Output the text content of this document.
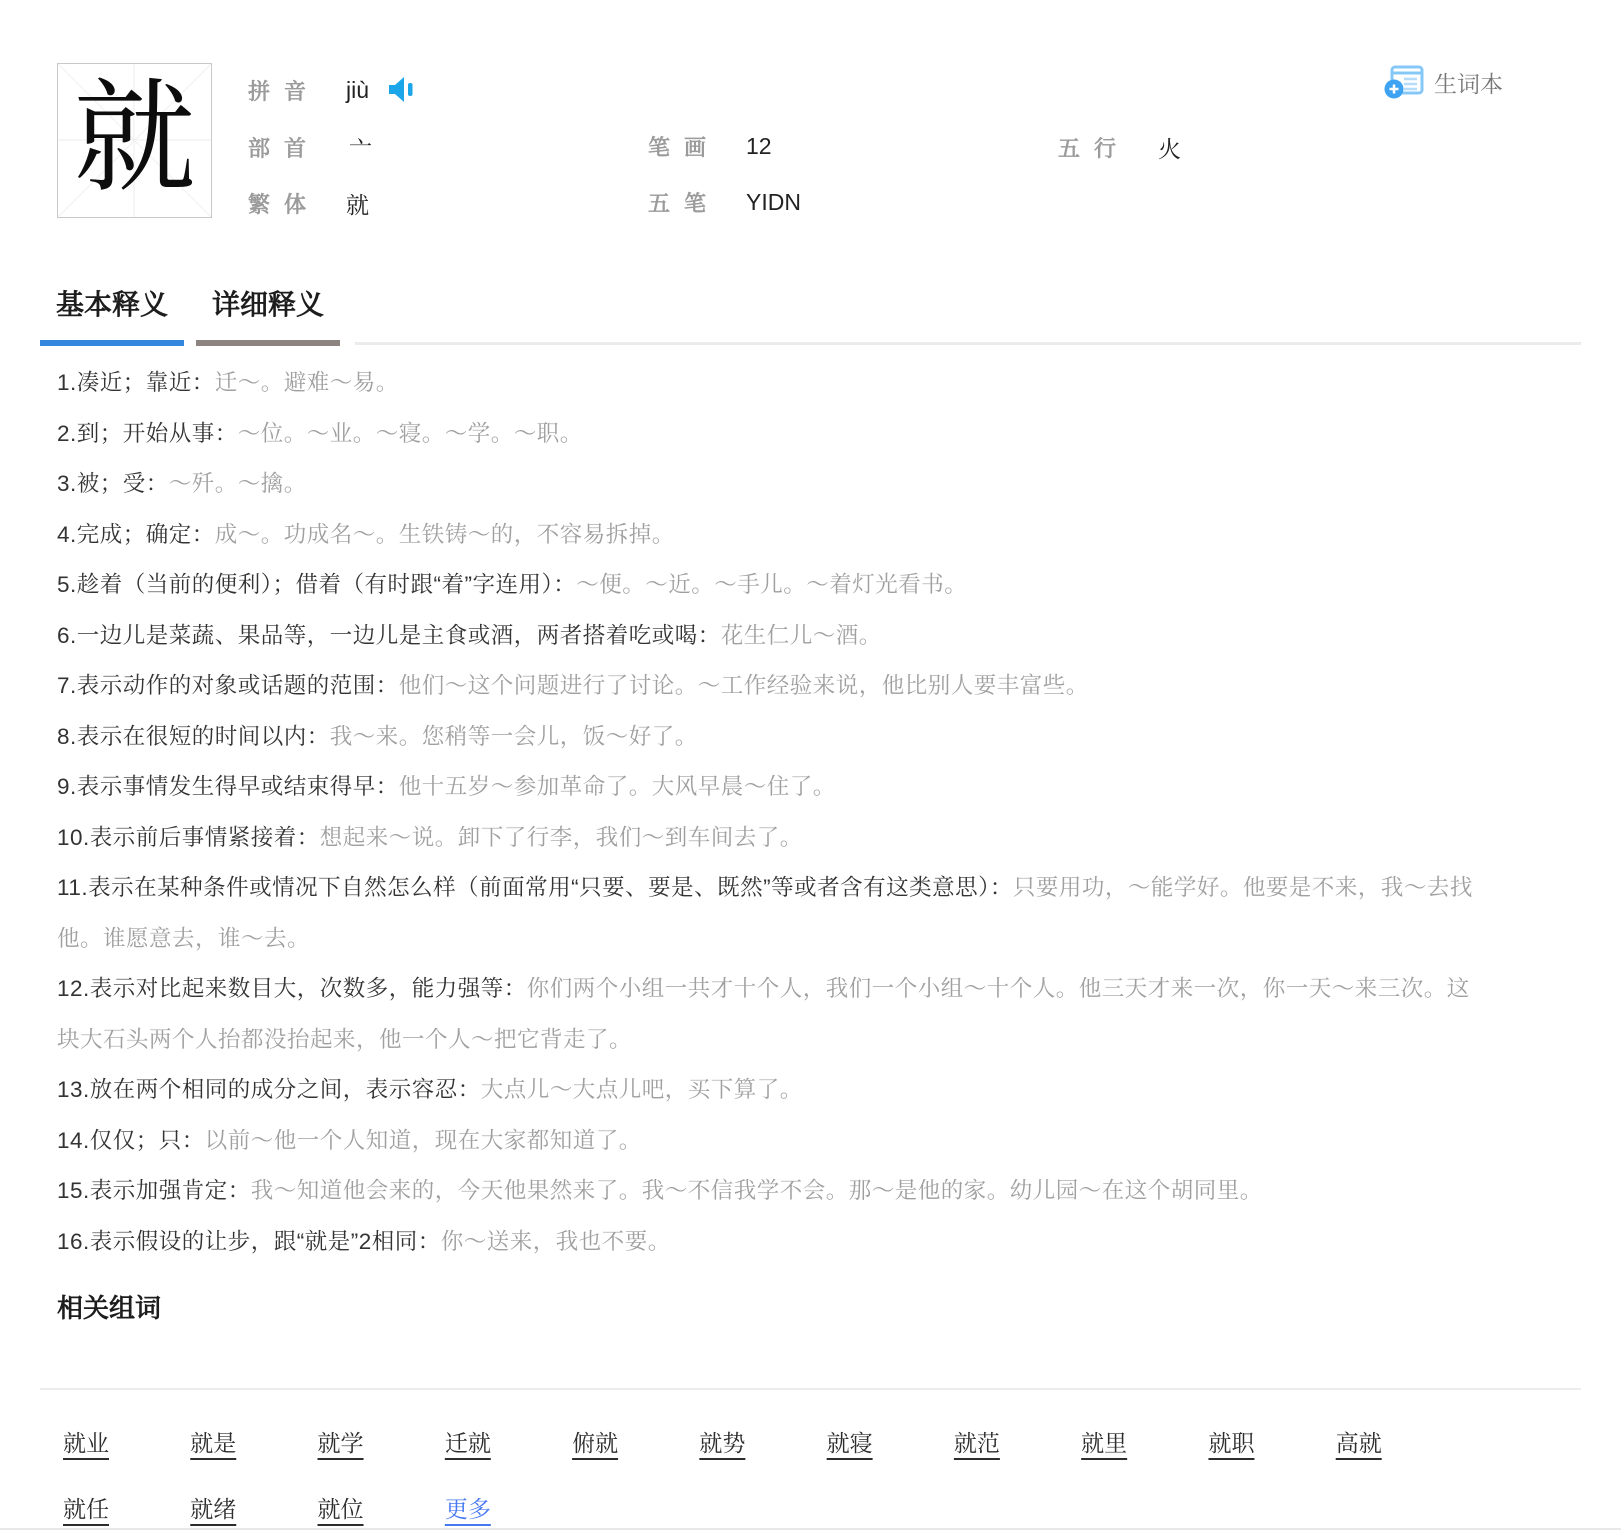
就 拼音 jiù
部首 亠
繁体 就
笔画 12
五笔 YIDN
五行 火
生词本
基本释义	详细释义

1.凑近；靠近：迁～。避难～易。

2.到；开始从事：～位。～业。～寝。～学。～职。

3.被；受：～歼。～擒。

4.完成；确定：成～。功成名～。生铁铸～的，不容易拆掉。

5.趁着（当前的便利）；借着（有时跟“着”字连用）：～便。～近。～手儿。～着灯光看书。

6.一边儿是菜蔬、果品等，一边儿是主食或酒，两者搭着吃或喝：花生仁儿～酒。

7.表示动作的对象或话题的范围：他们～这个问题进行了讨论。～工作经验来说，他比别人要丰富些。

8.表示在很短的时间以内：我～来。您稍等一会儿，饭～好了。

9.表示事情发生得早或结束得早：他十五岁～参加革命了。大风早晨～住了。

10.表示前后事情紧接着：想起来～说。卸下了行李，我们～到车间去了。

11.表示在某种条件或情况下自然怎么样（前面常用“只要、要是、既然”等或者含有这类意思）：只要用功，～能学好。他要是不来，我～去找他。谁愿意去，谁～去。

12.表示对比起来数目大，次数多，能力强等：你们两个小组一共才十个人，我们一个小组～十个人。他三天才来一次，你一天～来三次。这块大石头两个人抬都没抬起来，他一个人～把它背走了。

13.放在两个相同的成分之间，表示容忍：大点儿～大点儿吧，买下算了。

14.仅仅；只：以前～他一个人知道，现在大家都知道了。

15.表示加强肯定：我～知道他会来的，今天他果然来了。我～不信我学不会。那～是他的家。幼儿园～在这个胡同里。

16.表示假设的让步，跟“就是”2相同：你～送来，我也不要。

相关组词
就业	就是	就学	迁就	俯就	就势	就寝	就范	就里	就职	高就
就任	就绪	就位	更多
